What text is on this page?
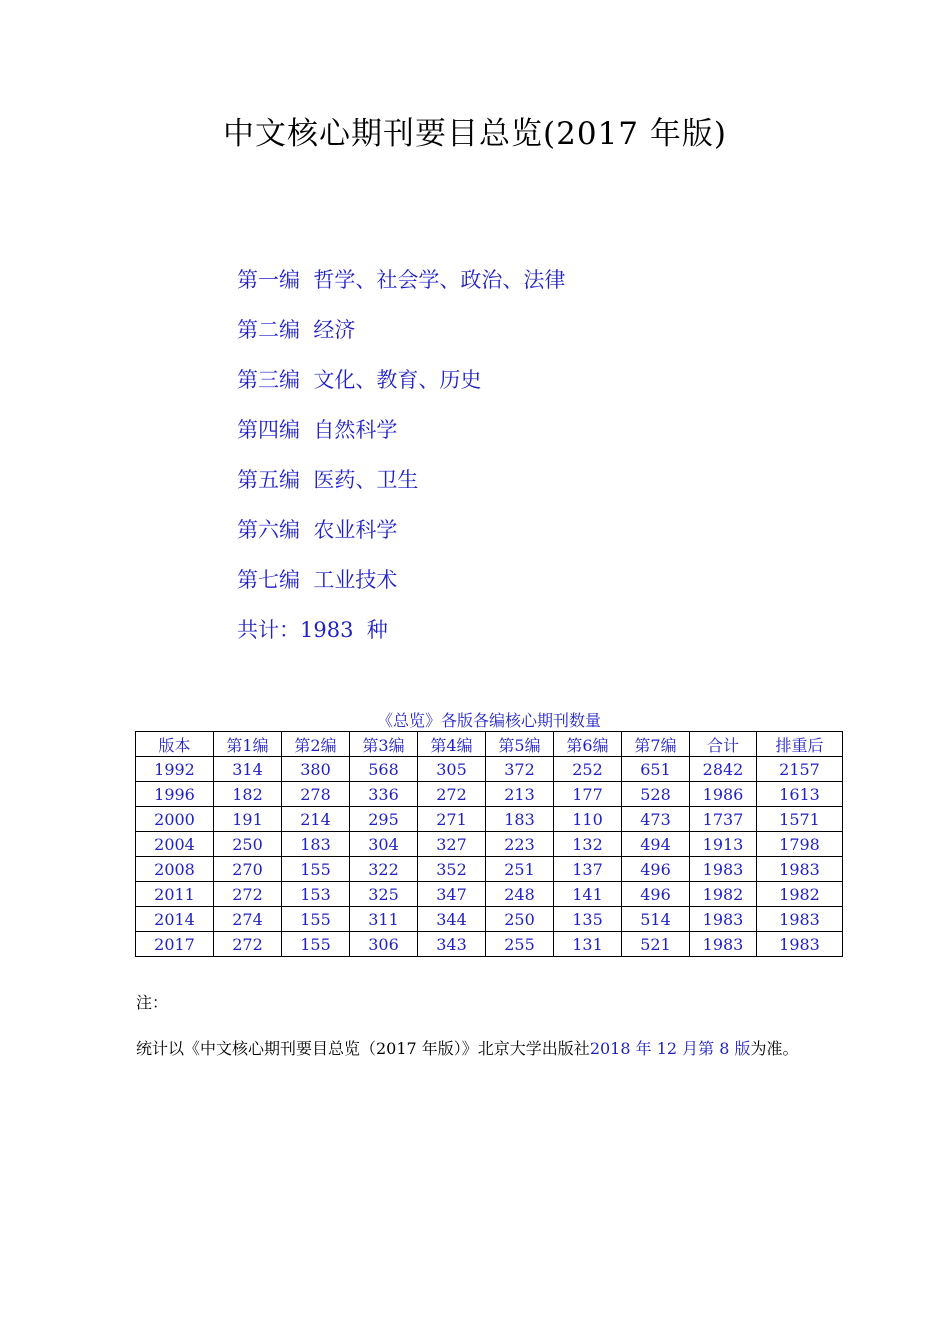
中文核心期刊要目总览(2017 年版)
第一编  哲学、社会学、政治、法律
第二编  经济
第三编  文化、教育、历史
第四编  自然科学
第五编  医药、卫生
第六编  农业科学
第七编  工业技术
共计：1983  种
《总览》各版各编核心期刊数量
版本	第1编	第2编	第3编	第4编	第5编	第6编	第7编	合计	排重后
1992	314	380	568	305	372	252	651	2842	2157
1996	182	278	336	272	213	177	528	1986	1613
2000	191	214	295	271	183	110	473	1737	1571
2004	250	183	304	327	223	132	494	1913	1798
2008	270	155	322	352	251	137	496	1983	1983
2011	272	153	325	347	248	141	496	1982	1982
2014	274	155	311	344	250	135	514	1983	1983
2017	272	155	306	343	255	131	521	1983	1983
注：
统计以《中文核心期刊要目总览（2017 年版）》北京大学出版社2018 年 12 月第 8 版为准。
